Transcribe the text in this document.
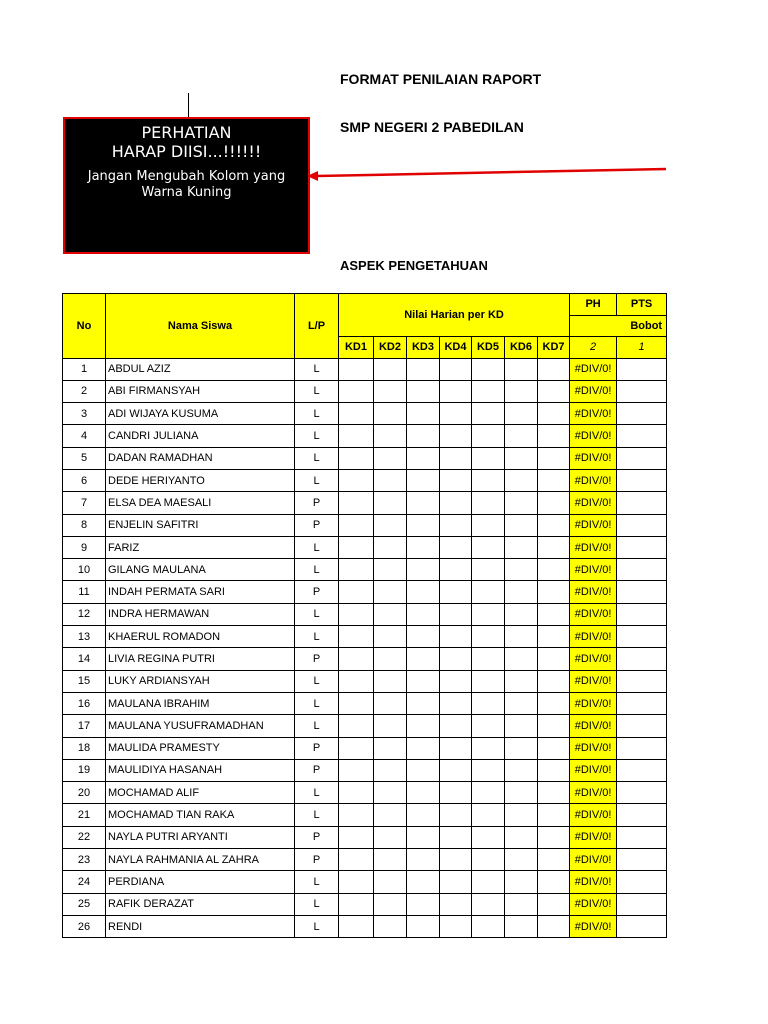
FORMAT PENILAIAN RAPORT
SMP NEGERI 2 PABEDILAN
ASPEK PENGETAHUAN
PERHATIAN
HARAP DIISI...!!!!!!
Jangan Mengubah Kolom yang Warna Kuning
No	Nama Siswa	L/P	Nilai Harian per KD							PH	PTS
										Bobot	
			KD1	KD2	KD3	KD4	KD5	KD6	KD7	2	1
1	ABDUL AZIZ	L								#DIV/0!	
2	ABI FIRMANSYAH	L								#DIV/0!	
3	ADI WIJAYA KUSUMA	L								#DIV/0!	
4	CANDRI JULIANA	L								#DIV/0!	
5	DADAN RAMADHAN	L								#DIV/0!	
6	DEDE HERIYANTO	L								#DIV/0!	
7	ELSA DEA MAESALI	P								#DIV/0!	
8	ENJELIN SAFITRI	P								#DIV/0!	
9	FARIZ	L								#DIV/0!	
10	GILANG MAULANA	L								#DIV/0!	
11	INDAH PERMATA SARI	P								#DIV/0!	
12	INDRA HERMAWAN	L								#DIV/0!	
13	KHAERUL ROMADON	L								#DIV/0!	
14	LIVIA REGINA PUTRI	P								#DIV/0!	
15	LUKY ARDIANSYAH	L								#DIV/0!	
16	MAULANA IBRAHIM	L								#DIV/0!	
17	MAULANA YUSUFRAMADHAN	L								#DIV/0!	
18	MAULIDA PRAMESTY	P								#DIV/0!	
19	MAULIDIYA HASANAH	P								#DIV/0!	
20	MOCHAMAD ALIF	L								#DIV/0!	
21	MOCHAMAD TIAN RAKA	L								#DIV/0!	
22	NAYLA PUTRI ARYANTI	P								#DIV/0!	
23	NAYLA RAHMANIA AL ZAHRA	P								#DIV/0!	
24	PERDIANA	L								#DIV/0!	
25	RAFIK DERAZAT	L								#DIV/0!	
26	RENDI	L								#DIV/0!	
